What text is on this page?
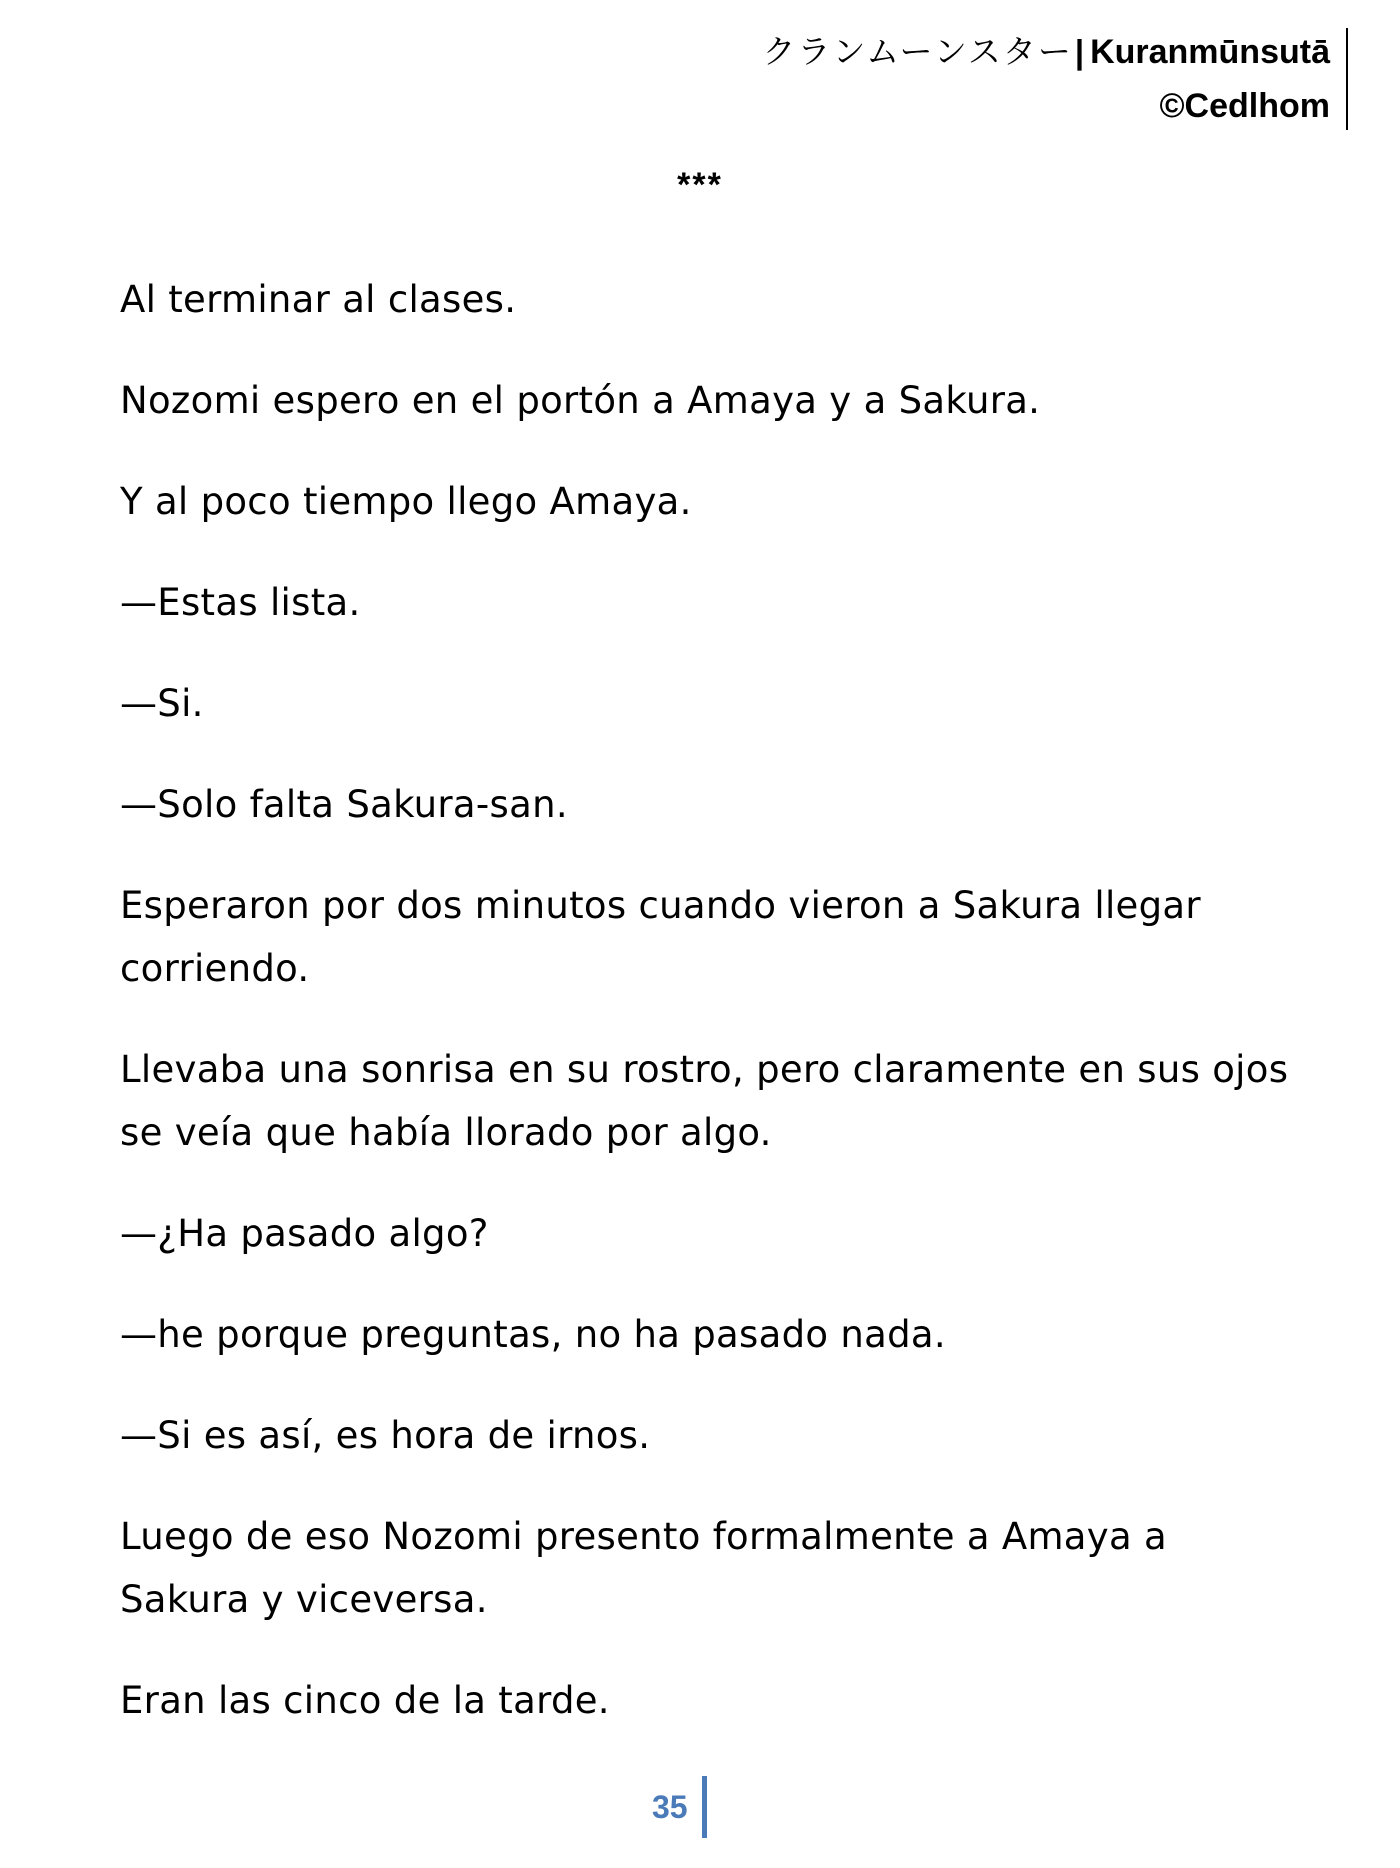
クランムーンスター| Kuranmūnsutā
©Cedlhom
***

Al terminar al clases.

Nozomi espero en el portón a Amaya y a Sakura.

Y al poco tiempo llego Amaya.

—Estas lista.

—Si.

—Solo falta Sakura-san.

Esperaron por dos minutos cuando vieron a Sakura llegar corriendo.

Llevaba una sonrisa en su rostro, pero claramente en sus ojos se veía que había llorado por algo.

—¿Ha pasado algo?

—he porque preguntas, no ha pasado nada.

—Si es así, es hora de irnos.

Luego de eso Nozomi presento formalmente a Amaya a Sakura y viceversa.

Eran las cinco de la tarde.

35
